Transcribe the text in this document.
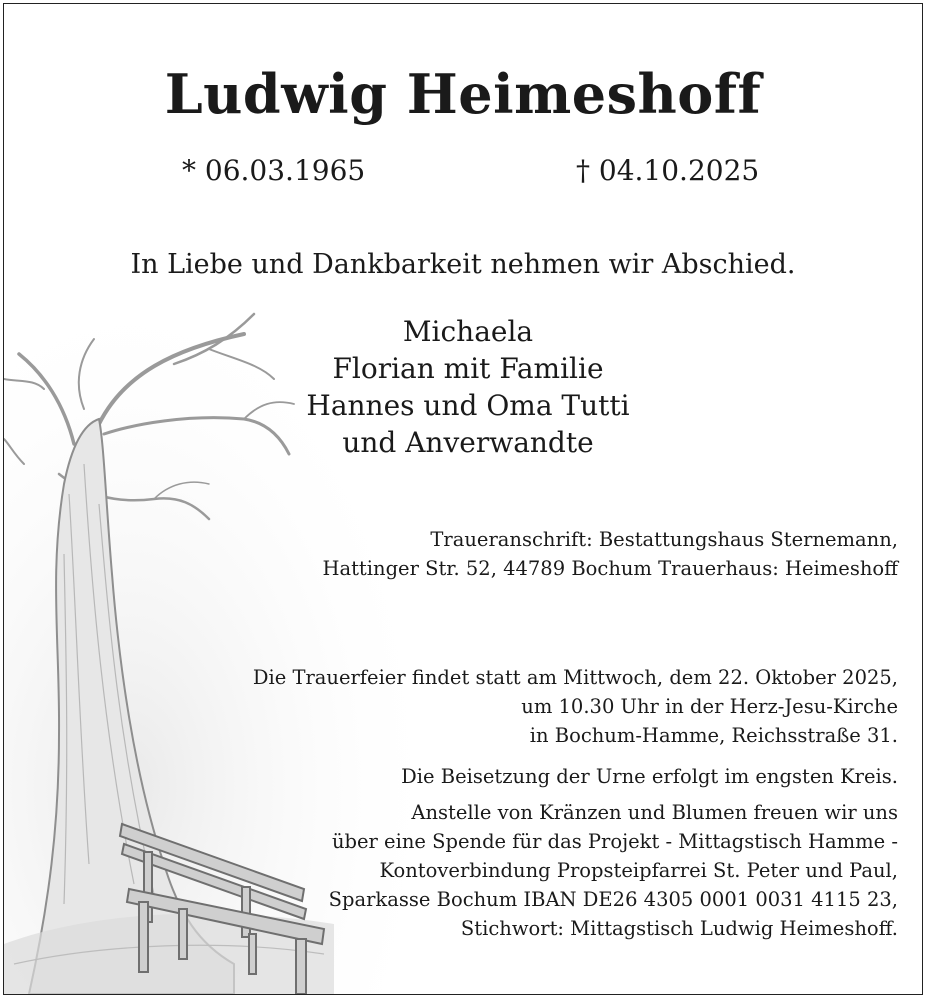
Ludwig Heimeshoff
* 06.03.1965	† 04.10.2025
In Liebe und Dankbarkeit nehmen wir Abschied.
Michaela
Florian mit Familie
Hannes und Oma Tutti
und Anverwandte
Traueranschrift: Bestattungshaus Sternemann,
Hattinger Str. 52, 44789 Bochum Trauerhaus: Heimeshoff
Die Trauerfeier findet statt am Mittwoch, dem 22. Oktober 2025,
um 10.30 Uhr in der Herz-Jesu-Kirche
in Bochum-Hamme, Reichsstraße 31.
Die Beisetzung der Urne erfolgt im engsten Kreis.
Anstelle von Kränzen und Blumen freuen wir uns
über eine Spende für das Projekt - Mittagstisch Hamme -
Kontoverbindung Propsteipfarrei St. Peter und Paul,
Sparkasse Bochum IBAN DE26 4305 0001 0031 4115 23,
Stichwort: Mittagstisch Ludwig Heimeshoff.
